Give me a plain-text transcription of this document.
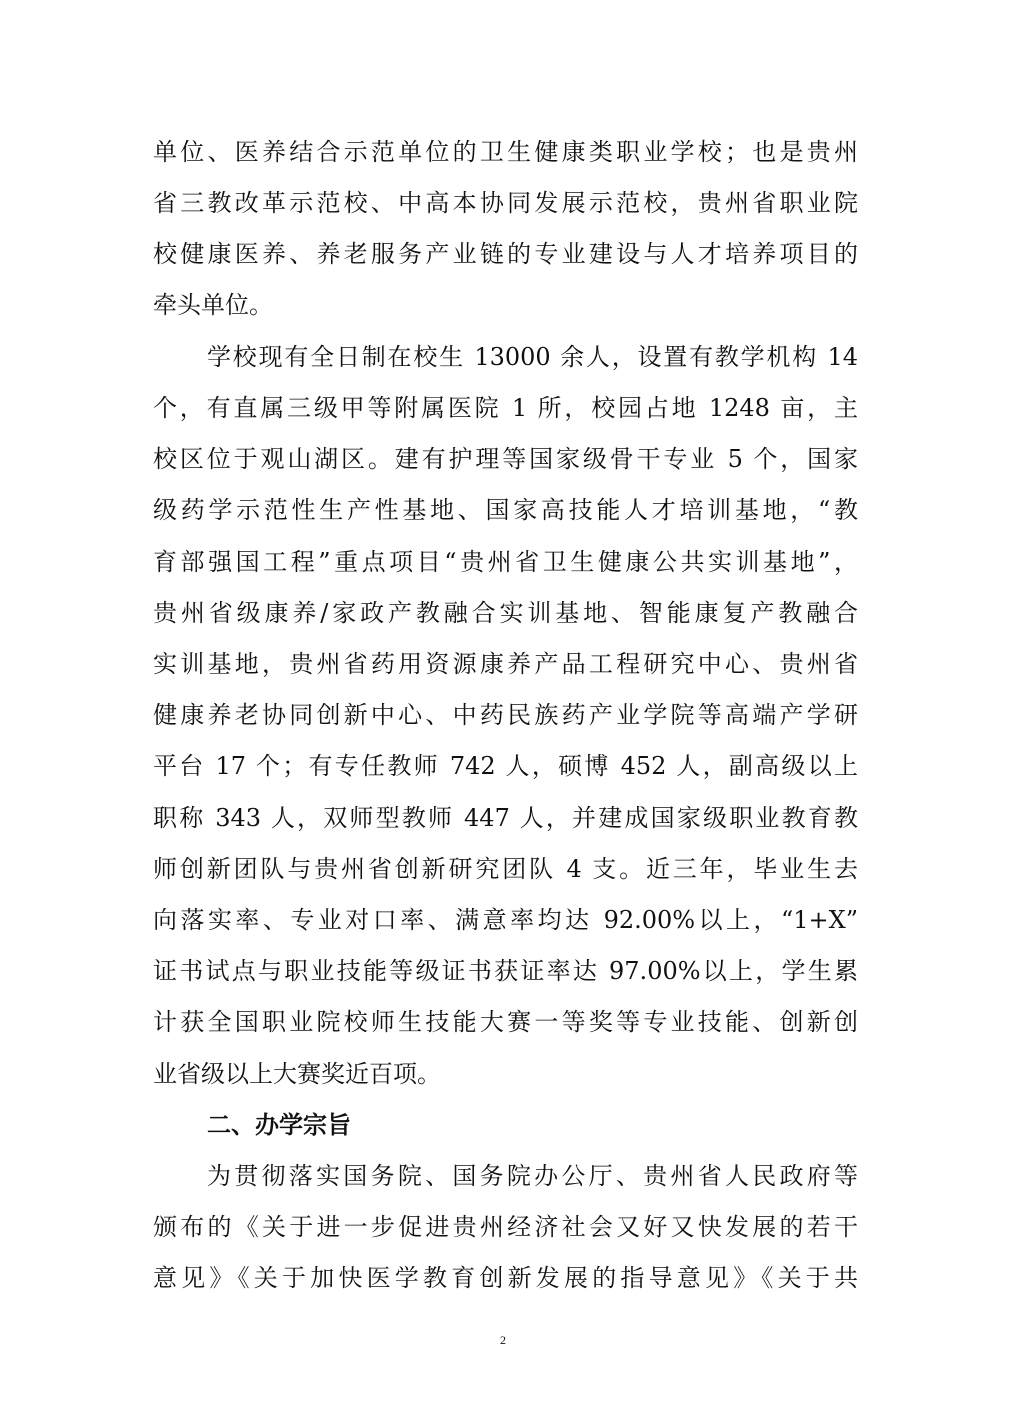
单位、医养结合示范单位的卫生健康类职业学校；也是贵州
省三教改革示范校、中高本协同发展示范校，贵州省职业院
校健康医养、养老服务产业链的专业建设与人才培养项目的
牵头单位。
学校现有全日制在校生 13000 余人，设置有教学机构 14
个，有直属三级甲等附属医院 1 所，校园占地 1248 亩，主
校区位于观山湖区。建有护理等国家级骨干专业 5 个，国家
级药学示范性生产性基地、国家高技能人才培训基地，“教
育部强国工程”重点项目“贵州省卫生健康公共实训基地”，
贵州省级康养/家政产教融合实训基地、智能康复产教融合
实训基地，贵州省药用资源康养产品工程研究中心、贵州省
健康养老协同创新中心、中药民族药产业学院等高端产学研
平台 17 个；有专任教师 742 人，硕博 452 人，副高级以上
职称 343 人，双师型教师 447 人，并建成国家级职业教育教
师创新团队与贵州省创新研究团队 4 支。近三年，毕业生去
向落实率、专业对口率、满意率均达 92.00%以上，“1+X”
证书试点与职业技能等级证书获证率达 97.00%以上，学生累
计获全国职业院校师生技能大赛一等奖等专业技能、创新创
业省级以上大赛奖近百项。
二、办学宗旨
为贯彻落实国务院、国务院办公厅、贵州省人民政府等
颁布的《关于进一步促进贵州经济社会又好又快发展的若干
意见》《关于加快医学教育创新发展的指导意见》《关于共
2
